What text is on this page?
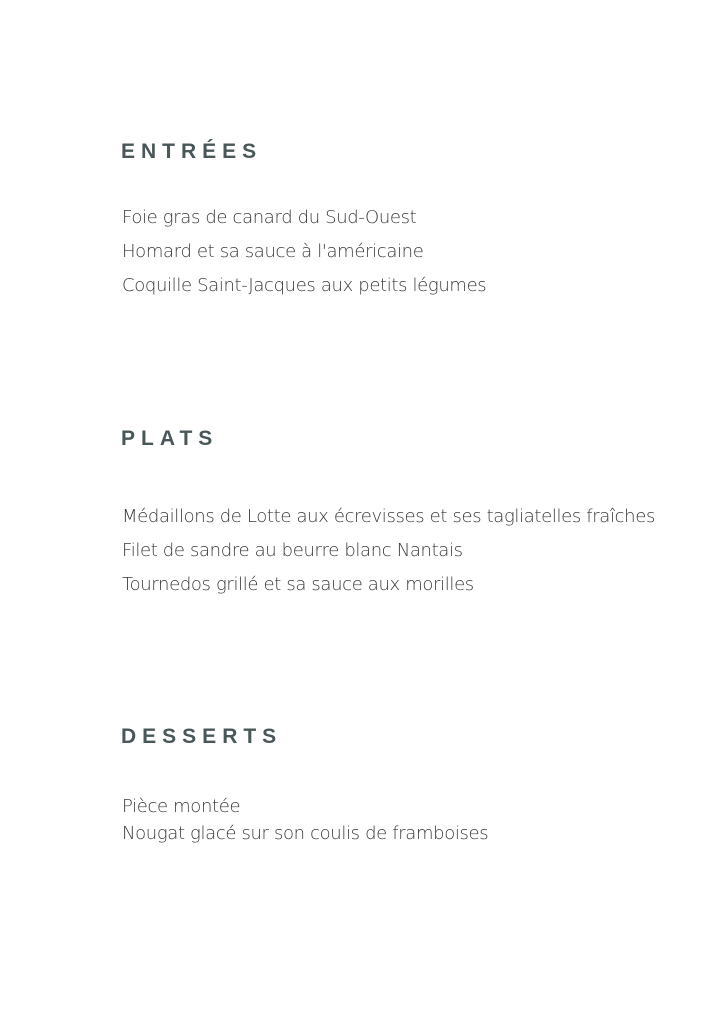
ENTRÉES
Foie gras de canard du Sud-Ouest
Homard et sa sauce à l'américaine
Coquille Saint-Jacques aux petits légumes
PLATS
Médaillons de Lotte aux écrevisses et ses tagliatelles fraîches
Filet de sandre au beurre blanc Nantais
Tournedos grillé et sa sauce aux morilles
DESSERTS
Pièce montée
Nougat glacé sur son coulis de framboises
